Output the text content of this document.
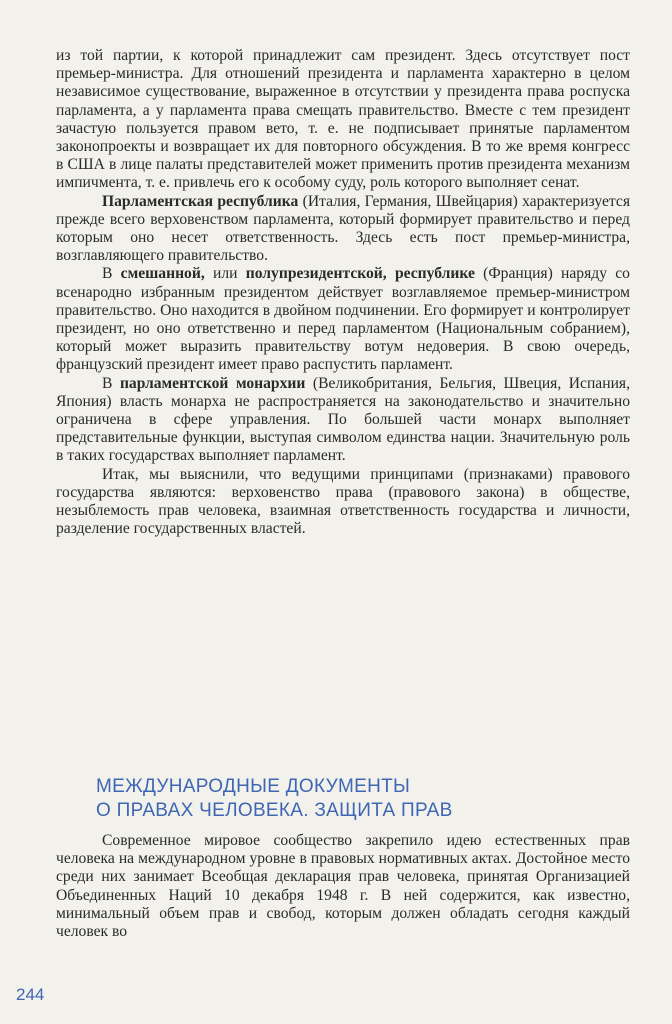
из той партии, к которой принадлежит сам президент. Здесь отсутствует пост премьер-министра. Для отношений президента и парламента характерно в целом независимое существование, выраженное в отсутствии у президента права роспуска парламента, а у парламента права смещать правительство. Вместе с тем президент зачастую пользуется правом вето, т. е. не подписывает принятые парламентом законопроекты и возвращает их для повторного обсуждения. В то же время конгресс в США в лице палаты представителей может применить против президента механизм импичмента, т. е. привлечь его к особому суду, роль которого выполняет сенат.

Парламентская республика (Италия, Германия, Швейцария) характеризуется прежде всего верховенством парламента, который формирует правительство и перед которым оно несет ответственность. Здесь есть пост премьер-министра, возглавляющего правительство.

В смешанной, или полупрезидентской, республике (Франция) наряду со всенародно избранным президентом действует возглавляемое премьер-министром правительство. Оно находится в двойном подчинении. Его формирует и контролирует президент, но оно ответственно и перед парламентом (Национальным собранием), который может выразить правительству вотум недоверия. В свою очередь, французский президент имеет право распустить парламент.

В парламентской монархии (Великобритания, Бельгия, Швеция, Испания, Япония) власть монарха не распространяется на законодательство и значительно ограничена в сфере управления. По большей части монарх выполняет представительные функции, выступая символом единства нации. Значительную роль в таких государствах выполняет парламент.

Итак, мы выяснили, что ведущими принципами (признаками) правового государства являются: верховенство права (правового закона) в обществе, незыблемость прав человека, взаимная ответственность государства и личности, разделение государственных властей.

МЕЖДУНАРОДНЫЕ ДОКУМЕНТЫ
О ПРАВАХ ЧЕЛОВЕКА. ЗАЩИТА ПРАВ

Современное мировое сообщество закрепило идею естественных прав человека на международном уровне в правовых нормативных актах. Достойное место среди них занимает Всеобщая декларация прав человека, принятая Организацией Объединенных Наций 10 декабря 1948 г. В ней содержится, как известно, минимальный объем прав и свобод, которым должен обладать сегодня каждый человек во

244
